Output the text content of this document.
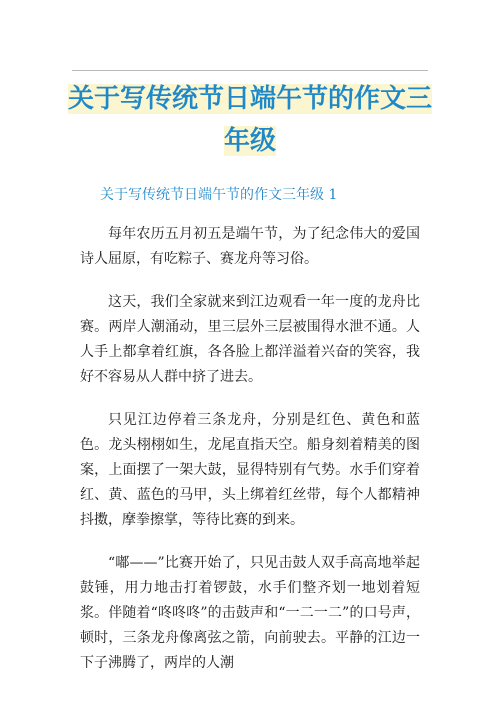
关于写传统节日端午节的作文三年级
关于写传统节日端午节的作文三年级 1

每年农历五月初五是端午节，为了纪念伟大的爱国诗人屈原，有吃粽子、赛龙舟等习俗。

这天，我们全家就来到江边观看一年一度的龙舟比赛。两岸人潮涌动，里三层外三层被围得水泄不通。人人手上都拿着红旗，各各脸上都洋溢着兴奋的笑容，我好不容易从人群中挤了进去。

只见江边停着三条龙舟，分别是红色、黄色和蓝色。龙头栩栩如生，龙尾直指天空。船身刻着精美的图案，上面摆了一架大鼓，显得特别有气势。水手们穿着红、黄、蓝色的马甲，头上绑着红丝带，每个人都精神抖擞，摩拳擦掌，等待比赛的到来。

“嘟——”比赛开始了，只见击鼓人双手高高地举起鼓锤，用力地击打着锣鼓，水手们整齐划一地划着短浆。伴随着“咚咚咚”的击鼓声和“一二一二”的口号声，顿时，三条龙舟像离弦之箭，向前驶去。平静的江边一下子沸腾了，两岸的人潮
